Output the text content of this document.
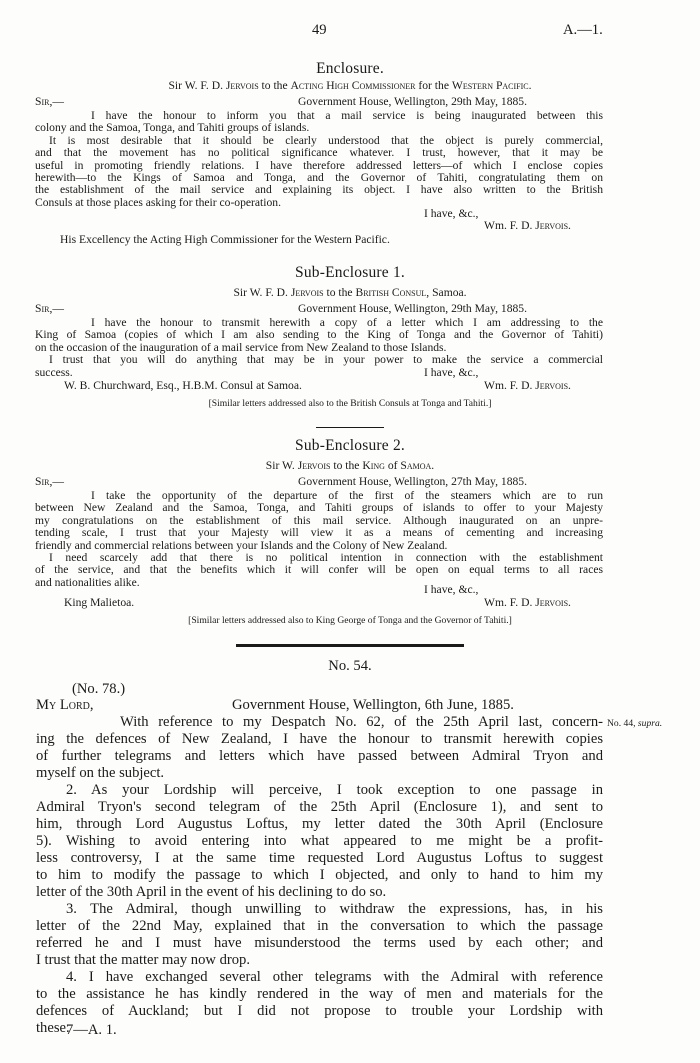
49	A.—1.
Enclosure.
Sir W. F. D. Jervois to the Acting High Commissioner for the Western Pacific.
Sir,—	Government House, Wellington, 29th May, 1885.
I have the honour to inform you that a mail service is being inaugurated between this
colony and the Samoa, Tonga, and Tahiti groups of islands.
It is most desirable that it should be clearly understood that the object is purely commercial,
and that the movement has no political significance whatever. I trust, however, that it may be
useful in promoting friendly relations. I have therefore addressed letters—of which I enclose copies
herewith—to the Kings of Samoa and Tonga, and the Governor of Tahiti, congratulating them on
the establishment of the mail service and explaining its object. I have also written to the British
Consuls at those places asking for their co-operation.
I have, &c.,
Wm. F. D. Jervois.
His Excellency the Acting High Commissioner for the Western Pacific.
Sub-Enclosure 1.
Sir W. F. D. Jervois to the British Consul, Samoa.
Sir,—	Government House, Wellington, 29th May, 1885.
I have the honour to transmit herewith a copy of a letter which I am addressing to the
King of Samoa (copies of which I am also sending to the King of Tonga and the Governor of Tahiti)
on the occasion of the inauguration of a mail service from New Zealand to those Islands.
I trust that you will do anything that may be in your power to make the service a commercial
success.	I have, &c.,
W. B. Churchward, Esq., H.B.M. Consul at Samoa.	Wm. F. D. Jervois.
[Similar letters addressed also to the British Consuls at Tonga and Tahiti.]
Sub-Enclosure 2.
Sir W. Jervois to the King of Samoa.
Sir,—	Government House, Wellington, 27th May, 1885.
I take the opportunity of the departure of the first of the steamers which are to run
between New Zealand and the Samoa, Tonga, and Tahiti groups of islands to offer to your Majesty
my congratulations on the establishment of this mail service. Although inaugurated on an unpre-
tending scale, I trust that your Majesty will view it as a means of cementing and increasing
friendly and commercial relations between your Islands and the Colony of New Zealand.
I need scarcely add that there is no political intention in connection with the establishment
of the service, and that the benefits which it will confer will be open on equal terms to all races
and nationalities alike.
I have, &c.,
King Malietoa.	Wm. F. D. Jervois.
[Similar letters addressed also to King George of Tonga and the Governor of Tahiti.]
No. 54.
(No. 78.)
My Lord,	Government House, Wellington, 6th June, 1885.
No. 44, supra.
With reference to my Despatch No. 62, of the 25th April last, concern-
ing the defences of New Zealand, I have the honour to transmit herewith copies
of further telegrams and letters which have passed between Admiral Tryon and
myself on the subject.
2. As your Lordship will perceive, I took exception to one passage in
Admiral Tryon's second telegram of the 25th April (Enclosure 1), and sent to
him, through Lord Augustus Loftus, my letter dated the 30th April (Enclosure
5). Wishing to avoid entering into what appeared to me might be a profit-
less controversy, I at the same time requested Lord Augustus Loftus to suggest
to him to modify the passage to which I objected, and only to hand to him my
letter of the 30th April in the event of his declining to do so.
3. The Admiral, though unwilling to withdraw the expressions, has, in his
letter of the 22nd May, explained that in the conversation to which the passage
referred he and I must have misunderstood the terms used by each other; and
I trust that the matter may now drop.
4. I have exchanged several other telegrams with the Admiral with reference
to the assistance he has kindly rendered in the way of men and materials for the
defences of Auckland; but I did not propose to trouble your Lordship with
these.
7—A. 1.
